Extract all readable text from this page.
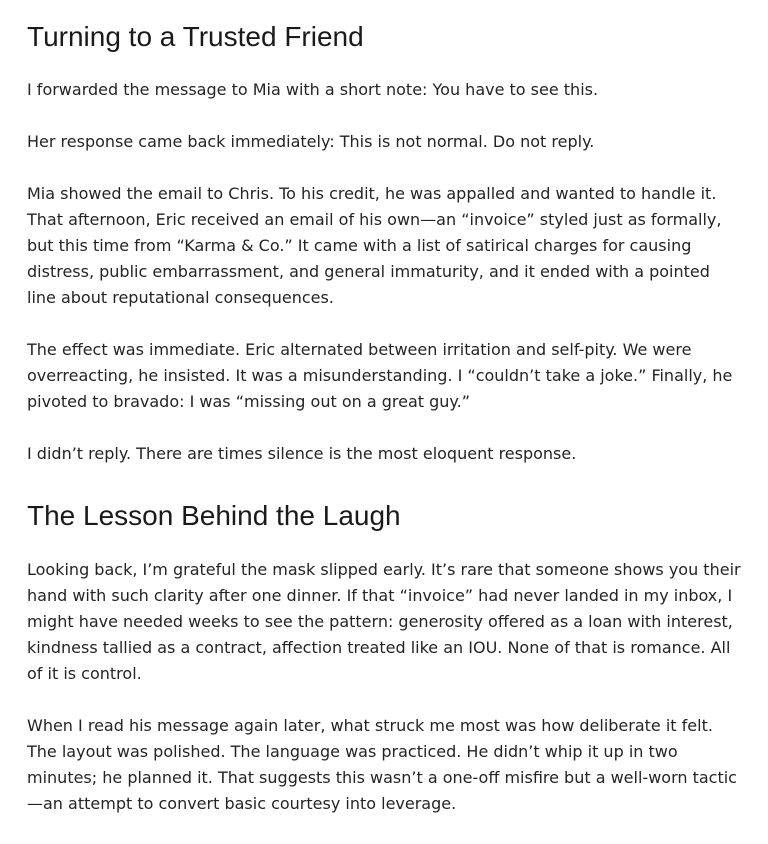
Turning to a Trusted Friend

I forwarded the message to Mia with a short note: You have to see this.

Her response came back immediately: This is not normal. Do not reply.

Mia showed the email to Chris. To his credit, he was appalled and wanted to handle it. That afternoon, Eric received an email of his own—an “invoice” styled just as formally, but this time from “Karma & Co.” It came with a list of satirical charges for causing distress, public embarrassment, and general immaturity, and it ended with a pointed line about reputational consequences.

The effect was immediate. Eric alternated between irritation and self-pity. We were overreacting, he insisted. It was a misunderstanding. I “couldn’t take a joke.” Finally, he pivoted to bravado: I was “missing out on a great guy.”

I didn’t reply. There are times silence is the most eloquent response.

The Lesson Behind the Laugh

Looking back, I’m grateful the mask slipped early. It’s rare that someone shows you their hand with such clarity after one dinner. If that “invoice” had never landed in my inbox, I might have needed weeks to see the pattern: generosity offered as a loan with interest, kindness tallied as a contract, affection treated like an IOU. None of that is romance. All of it is control.

When I read his message again later, what struck me most was how deliberate it felt. The layout was polished. The language was practiced. He didn’t whip it up in two minutes; he planned it. That suggests this wasn’t a one-off misfire but a well-worn tactic—an attempt to convert basic courtesy into leverage.
